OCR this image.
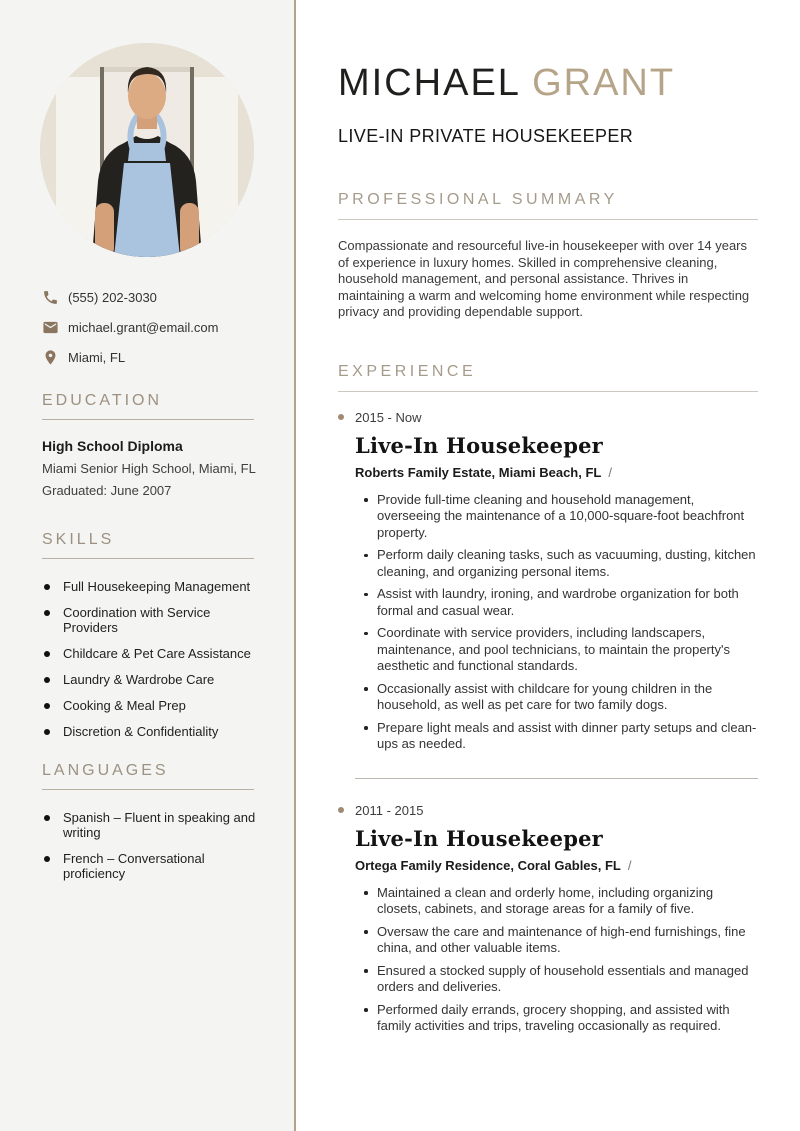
(555) 202-3030
michael.grant@email.com
Miami, FL
EDUCATION
High School Diploma
Miami Senior High School, Miami, FL
Graduated: June 2007
SKILLS
Full Housekeeping Management
Coordination with Service Providers
Childcare & Pet Care Assistance
Laundry & Wardrobe Care
Cooking & Meal Prep
Discretion & Confidentiality
LANGUAGES
Spanish – Fluent in speaking and writing
French – Conversational proficiency
MICHAEL GRANT
LIVE-IN PRIVATE HOUSEKEEPER
PROFESSIONAL SUMMARY

Compassionate and resourceful live-in housekeeper with over 14 years of experience in luxury homes. Skilled in comprehensive cleaning, household management, and personal assistance. Thrives in maintaining a warm and welcoming home environment while respecting privacy and providing dependable support.

EXPERIENCE
2015 - Now
Live-In Housekeeper
Roberts Family Estate, Miami Beach, FL /
Provide full-time cleaning and household management, overseeing the maintenance of a 10,000-square-foot beachfront property.
Perform daily cleaning tasks, such as vacuuming, dusting, kitchen cleaning, and organizing personal items.
Assist with laundry, ironing, and wardrobe organization for both formal and casual wear.
Coordinate with service providers, including landscapers, maintenance, and pool technicians, to maintain the property's aesthetic and functional standards.
Occasionally assist with childcare for young children in the household, as well as pet care for two family dogs.
Prepare light meals and assist with dinner party setups and clean-ups as needed.
2011 - 2015
Live-In Housekeeper
Ortega Family Residence, Coral Gables, FL /
Maintained a clean and orderly home, including organizing closets, cabinets, and storage areas for a family of five.
Oversaw the care and maintenance of high-end furnishings, fine china, and other valuable items.
Ensured a stocked supply of household essentials and managed orders and deliveries.
Performed daily errands, grocery shopping, and assisted with family activities and trips, traveling occasionally as required.
